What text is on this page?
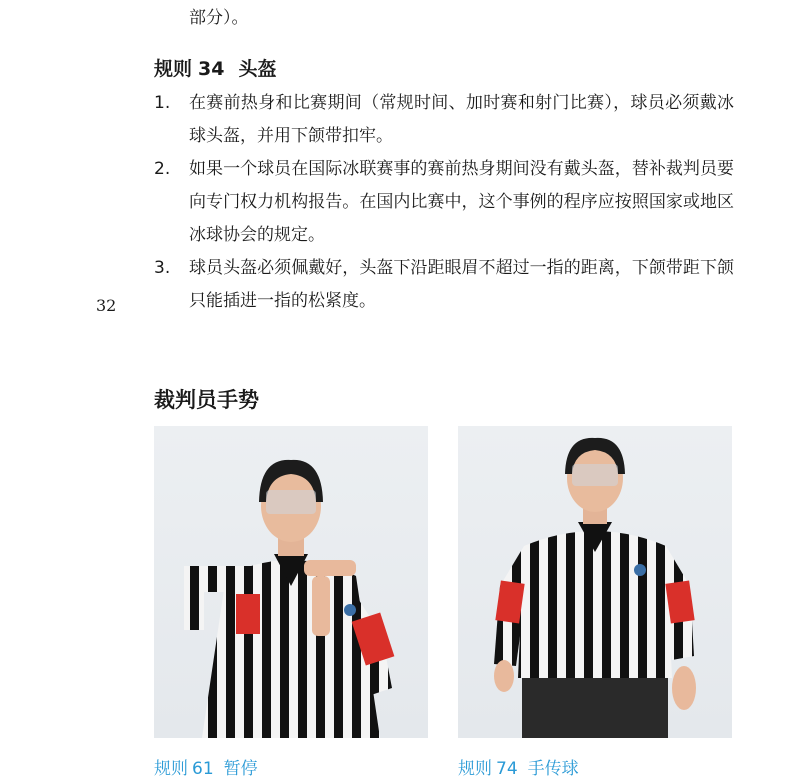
部分）。
规则 34 头盔
1.	在赛前热身和比赛期间（常规时间、加时赛和射门比赛），球员必须戴冰球头盔，并用下颌带扣牢。
2.	如果一个球员在国际冰联赛事的赛前热身期间没有戴头盔，替补裁判员要向专门权力机构报告。在国内比赛中，这个事例的程序应按照国家或地区冰球协会的规定。
3.	球员头盔必须佩戴好，头盔下沿距眼眉不超过一指的距离，下颌带距下颌只能插进一指的松紧度。
32
裁判员手势
规则 61 暂停	规则 74 手传球
